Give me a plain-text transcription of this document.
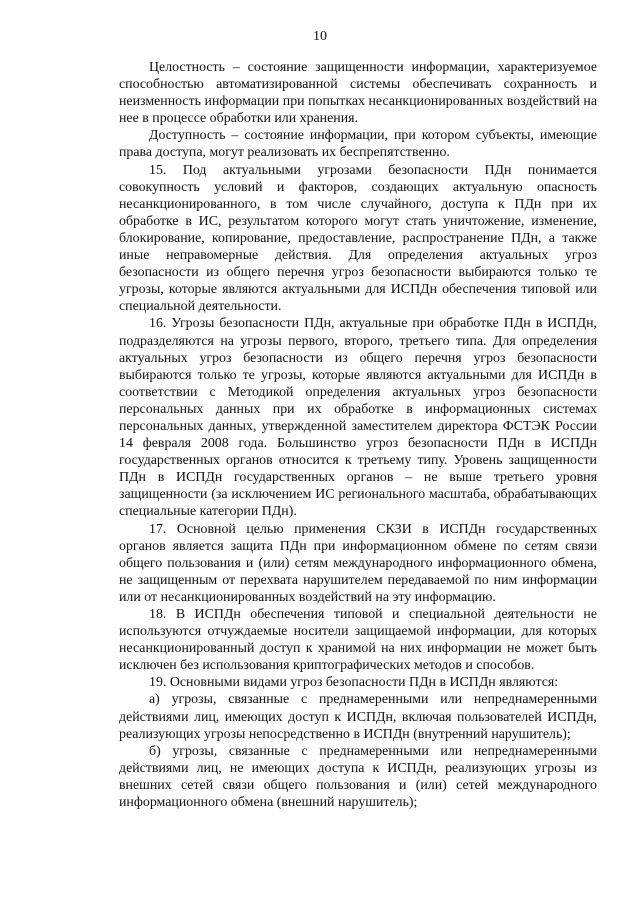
10

Целостность – состояние защищенности информации, характеризуемое способностью автоматизированной системы обеспечивать сохранность и неизменность информации при попытках несанкционированных воздействий на нее в процессе обработки или хранения.

Доступность – состояние информации, при котором субъекты, имеющие права доступа, могут реализовать их беспрепятственно.

15. Под актуальными угрозами безопасности ПДн понимается совокупность условий и факторов, создающих актуальную опасность несанкционированного, в том числе случайного, доступа к ПДн при их обработке в ИС, результатом которого могут стать уничтожение, изменение, блокирование, копирование, предоставление, распространение ПДн, а также иные неправомерные действия. Для определения актуальных угроз безопасности из общего перечня угроз безопасности выбираются только те угрозы, которые являются актуальными для ИСПДн обеспечения типовой или специальной деятельности.

16. Угрозы безопасности ПДн, актуальные при обработке ПДн в ИСПДн, подразделяются на угрозы первого, второго, третьего типа. Для определения актуальных угроз безопасности из общего перечня угроз безопасности выбираются только те угрозы, которые являются актуальными для ИСПДн в соответствии с Методикой определения актуальных угроз безопасности персональных данных при их обработке в информационных системах персональных данных, утвержденной заместителем директора ФСТЭК России 14 февраля 2008 года. Большинство угроз безопасности ПДн в ИСПДн государственных органов относится к третьему типу. Уровень защищенности ПДн в ИСПДн государственных органов – не выше третьего уровня защищенности (за исключением ИС регионального масштаба, обрабатывающих специальные категории ПДн).

17. Основной целью применения СКЗИ в ИСПДн государственных органов является защита ПДн при информационном обмене по сетям связи общего пользования и (или) сетям международного информационного обмена, не защищенным от перехвата нарушителем передаваемой по ним информации или от несанкционированных воздействий на эту информацию.

18. В ИСПДн обеспечения типовой и специальной деятельности не используются отчуждаемые носители защищаемой информации, для которых несанкционированный доступ к хранимой на них информации не может быть исключен без использования криптографических методов и способов.

19. Основными видами угроз безопасности ПДн в ИСПДн являются:

а) угрозы, связанные с преднамеренными или непреднамеренными действиями лиц, имеющих доступ к ИСПДн, включая пользователей ИСПДн, реализующих угрозы непосредственно в ИСПДн (внутренний нарушитель);

б) угрозы, связанные с преднамеренными или непреднамеренными действиями лиц, не имеющих доступа к ИСПДн, реализующих угрозы из внешних сетей связи общего пользования и (или) сетей международного информационного обмена (внешний нарушитель);
